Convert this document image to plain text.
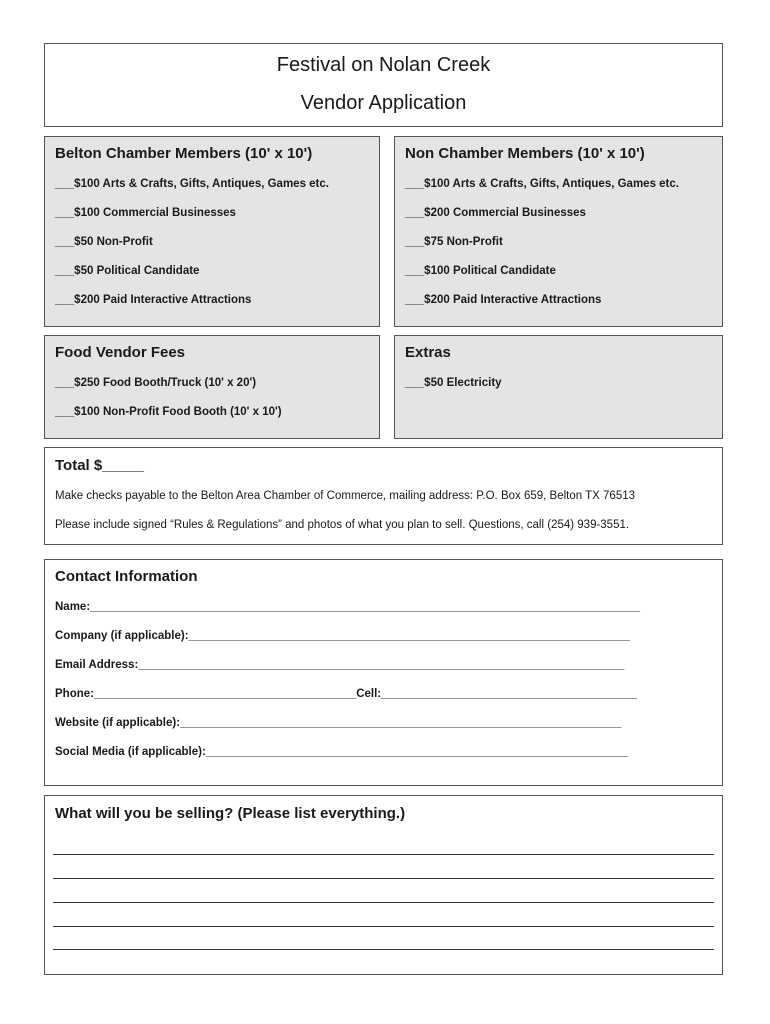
Festival on Nolan Creek
Vendor Application
Belton Chamber Members (10' x 10')
___$100 Arts & Crafts, Gifts, Antiques, Games etc.
___$100 Commercial Businesses
___$50 Non-Profit
___$50 Political Candidate
___$200 Paid Interactive Attractions
Non Chamber Members (10' x 10')
___$100 Arts & Crafts, Gifts, Antiques, Games etc.
___$200 Commercial Businesses
___$75 Non-Profit
___$100 Political Candidate
___$200 Paid Interactive Attractions
Food Vendor Fees
___$250 Food Booth/Truck (10' x 20')
___$100 Non-Profit Food Booth (10' x 10')
Extras
___$50 Electricity
Total $_____
Make checks payable to the Belton Area Chamber of Commerce, mailing address: P.O. Box 659, Belton TX 76513
Please include signed “Rules & Regulations” and photos of what you plan to sell. Questions, call (254) 939-3551.
Contact Information
Name:______________________________________________________________________________________
Company (if applicable):_____________________________________________________________________
Email Address:____________________________________________________________________________
Phone:_________________________________________Cell:________________________________________
Website (if applicable):_____________________________________________________________________
Social Media (if applicable):__________________________________________________________________
What will you be selling? (Please list everything.)
